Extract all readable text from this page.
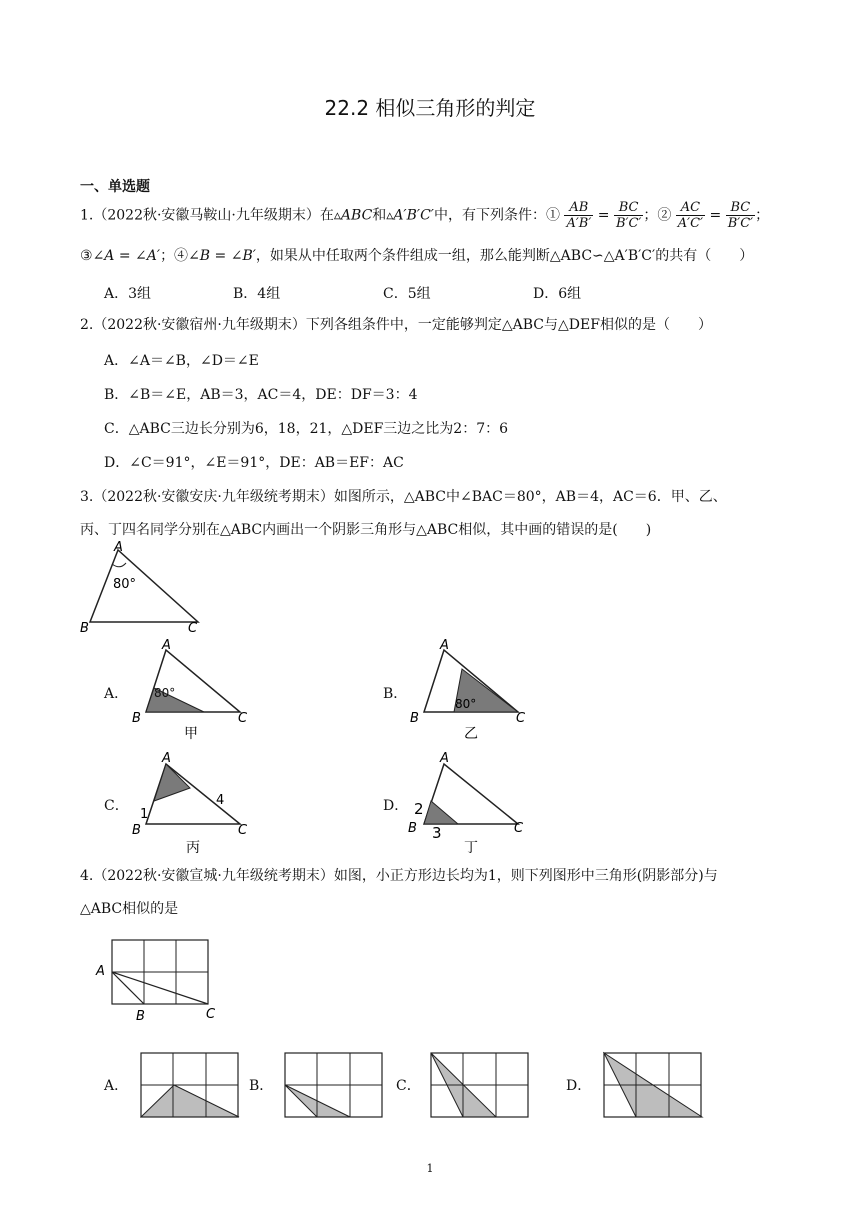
22.2 相似三角形的判定
一、单选题
1.（2022秋·安徽马鞍山·九年级期末）在▵ABC和▵A′B′C′中，有下列条件：① $\frac{AB}{A'B'} = \frac{BC}{B'C'}$ ；② $\frac{AC}{A'C'} = \frac{BC}{B'C'}$ ；
③∠A = ∠A′；④∠B = ∠B′，如果从中任取两个条件组成一组，那么能判断△ABC∽△A′B′C′的共有（　　）
A．3组	B．4组	C．5组	D．6组
2.（2022秋·安徽宿州·九年级期末）下列各组条件中，一定能够判定△ABC与△DEF相似的是（　　）
A．∠A＝∠B，∠D＝∠E
B．∠B＝∠E，AB＝3，AC＝4，DE：DF＝3：4
C．△ABC三边长分别为6，18，21，△DEF三边之比为2：7：6
D．∠C＝91°，∠E＝91°，DE：AB＝EF：AC
3.（2022秋·安徽安庆·九年级统考期末）如图所示，△ABC中∠BAC＝80°，AB＝4，AC＝6．甲、乙、
丙、丁四名同学分别在△ABC内画出一个阴影三角形与△ABC相似，其中画的错误的是(　　)
A
80°
B	C
A．
A
80°
B	C
甲
B．
A
80°
B	C
乙
C．
A
1
4
B	C
丙
D．
A
2
3
B	C
丁
4.（2022秋·安徽宣城·九年级统考期末）如图，小正方形边长均为1，则下列图形中三角形(阴影部分)与
△ABC相似的是
A
B	C
A．	B．	C．	D．
1
